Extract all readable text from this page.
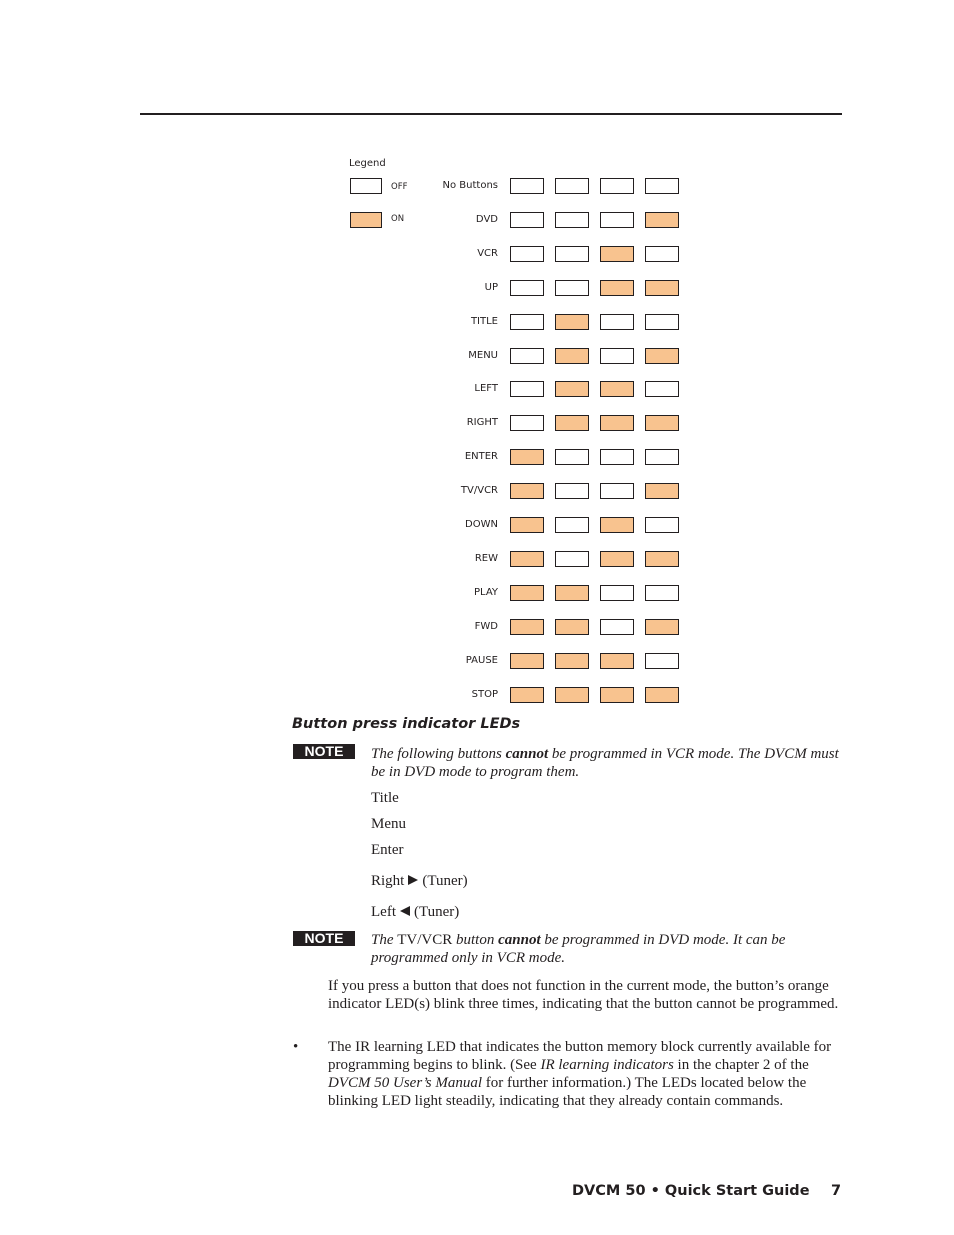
Legend
OFF
ON
No Buttons
DVD
VCR
UP
TITLE
MENU
LEFT
RIGHT
ENTER
TV/VCR
DOWN
REW
PLAY
FWD
PAUSE
STOP
Button press indicator LEDs
NOTE	The following buttons cannot be programmed in VCR mode. The DVCM must be in DVD mode to program them.
Title
Menu
Enter
Right (Tuner)
Left (Tuner)
NOTE	The TV/VCR button cannot be programmed in DVD mode. It can be programmed only in VCR mode.
If you press a button that does not function in the current mode, the button’s orange indicator LED(s) blink three times, indicating that the button cannot be programmed.
• The IR learning LED that indicates the button memory block currently available for programming begins to blink. (See IR learning indicators in the chapter 2 of the DVCM 50 User’s Manual for further information.) The LEDs located below the blinking LED light steadily, indicating that they already contain commands.
DVCM 50 • Quick Start Guide 7
